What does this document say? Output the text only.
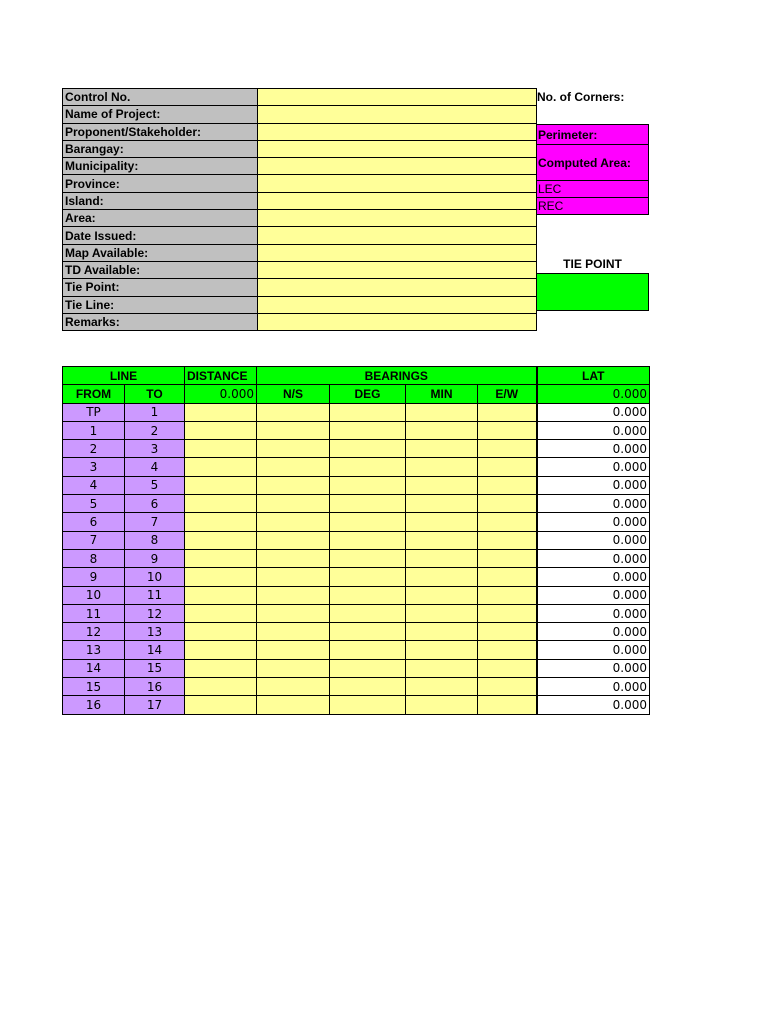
Control No.	
Name of Project:	
Proponent/Stakeholder:	
Barangay:	
Municipality:	
Province:	
Island:	
Area:	
Date Issued:	
Map Available:	
TD Available:	
Tie Point:	
Tie Line:	
Remarks:	
No. of Corners:
Perimeter:
Computed Area:
LEC
REC
TIE POINT
LINE		DISTANCE	BEARINGS				LAT
FROM	TO	0.000	N/S	DEG	MIN	E/W	0.000
TP	1						0.000
1	2						0.000
2	3						0.000
3	4						0.000
4	5						0.000
5	6						0.000
6	7						0.000
7	8						0.000
8	9						0.000
9	10						0.000
10	11						0.000
11	12						0.000
12	13						0.000
13	14						0.000
14	15						0.000
15	16						0.000
16	17						0.000
